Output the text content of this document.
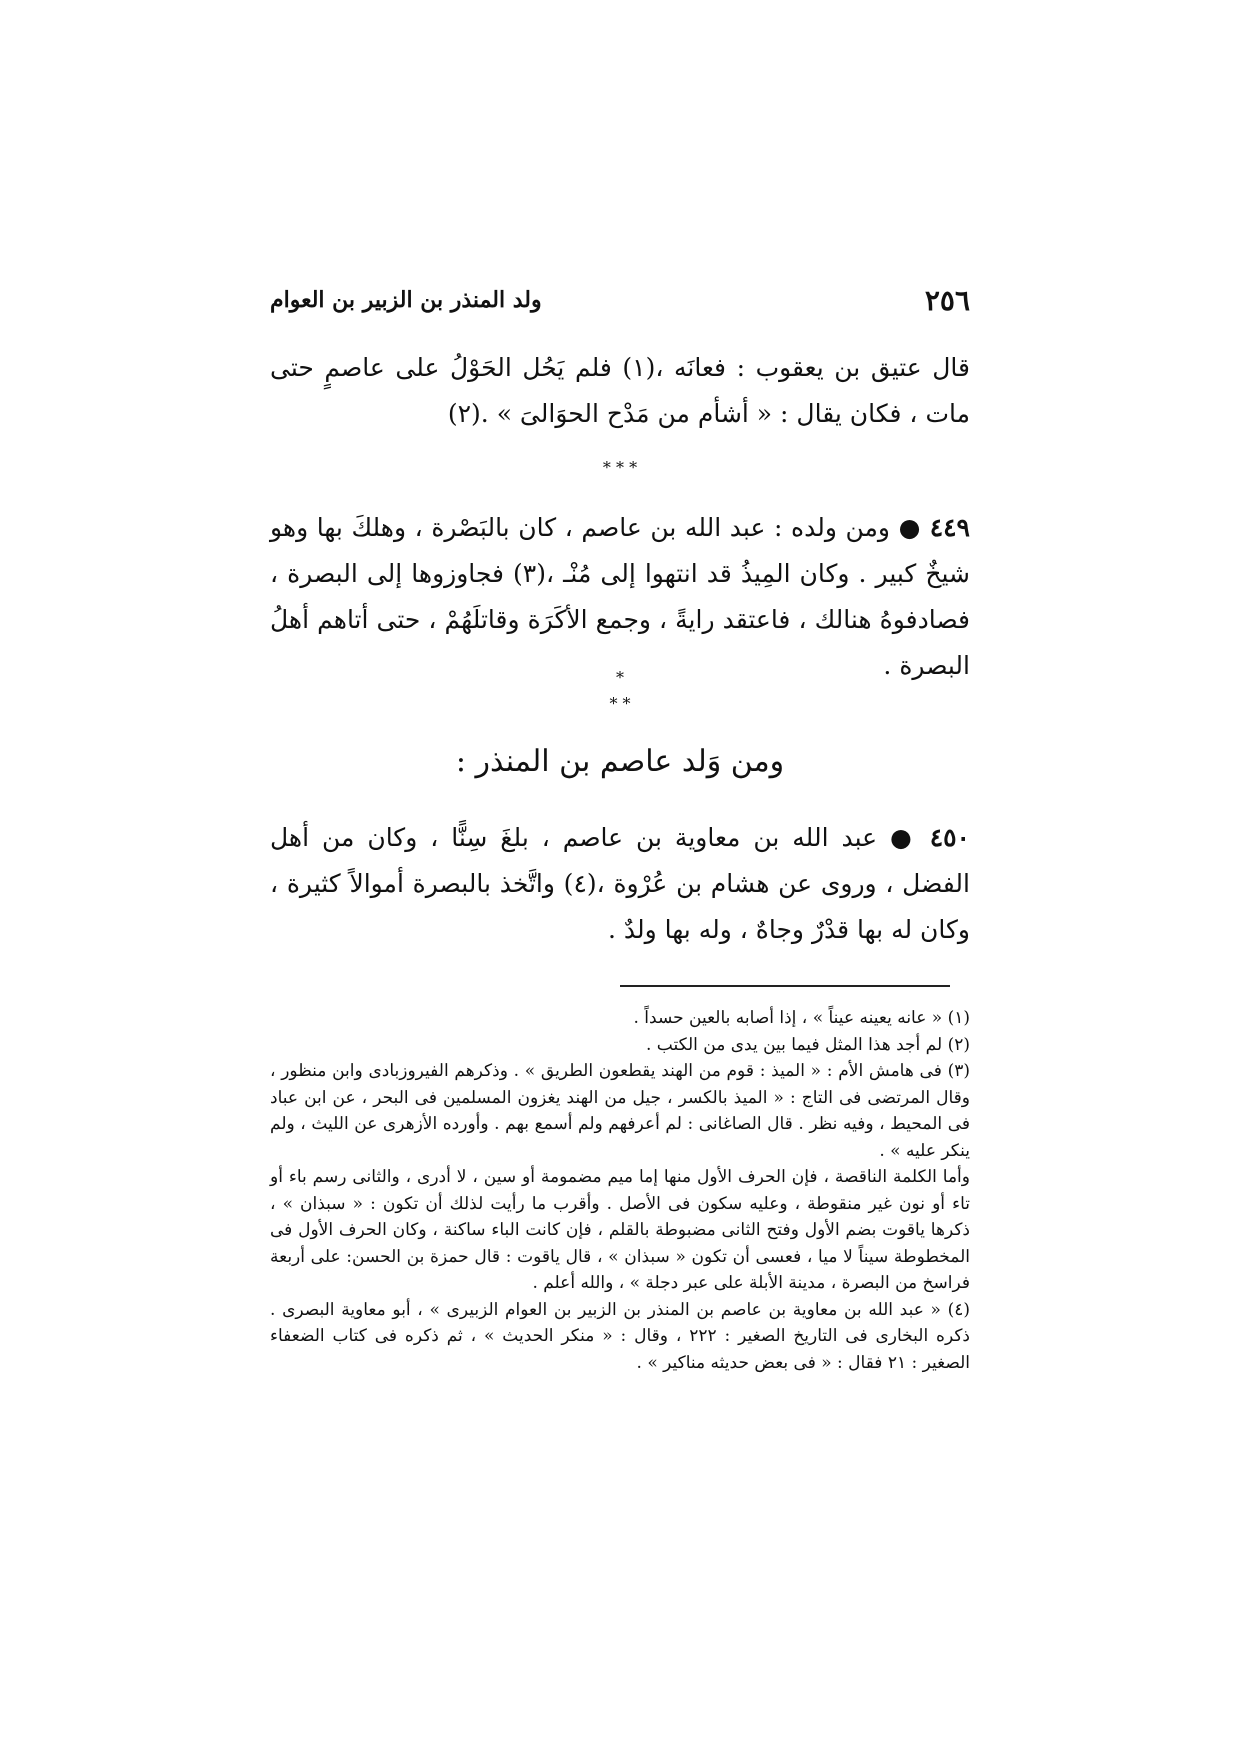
٢٥٦
ولد المنذر بن الزبير بن العوام
قال عتيق بن يعقوب : فعانَه ،(١) فلم يَحُل الحَوْلُ على عاصمٍ حتى مات ، فكان يقال : « أشأم من مَدْح الحوَالىَ » .(٢)
* * *
٤٤٩ ● ومن ولده : عبد الله بن عاصم ، كان بالبَصْرة ، وهلكَ بها وهو شيخٌ كبير . وكان المِيذُ قد انتهوا إلى مُنْـ ،(٣) فجاوزوها إلى البصرة ، فصادفوهُ هنالك ، فاعتقد رايةً ، وجمع الأكَرَة وقاتلَهُمْ ، حتى أتاهم أهلُ البصرة .
*
* *
ومن وَلد عاصم بن المنذر :
٤٥٠ ● عبد الله بن معاوية بن عاصم ، بلغَ سِنًّا ، وكان من أهل الفضل ، وروى عن هشام بن عُرْوة ،(٤) واتَّخذ بالبصرة أموالاً كثيرة ، وكان له بها قدْرٌ وجاهٌ ، وله بها ولدٌ .

(١) « عانه يعينه عيناً » ، إذا أصابه بالعين حسداً .

(٢) لم أجد هذا المثل فيما بين يدى من الكتب .

(٣) فى هامش الأم : « الميذ : قوم من الهند يقطعون الطريق » . وذكرهم الفيروزبادى وابن منظور ، وقال المرتضى فى التاج : « الميذ بالكسر ، جيل من الهند يغزون المسلمين فى البحر ، عن ابن عباد فى المحيط ، وفيه نظر . قال الصاغانى : لم أعرفهم ولم أسمع بهم . وأورده الأزهرى عن الليث ، ولم ينكر عليه » .

وأما الكلمة الناقصة ، فإن الحرف الأول منها إما ميم مضمومة أو سين ، لا أدرى ، والثانى رسم باء أو تاء أو نون غير منقوطة ، وعليه سكون فى الأصل . وأقرب ما رأيت لذلك أن تكون : « سبذان » ، ذكرها ياقوت بضم الأول وفتح الثانى مضبوطة بالقلم ، فإن كانت الباء ساكنة ، وكان الحرف الأول فى المخطوطة سيناً لا ميا ، فعسى أن تكون « سبذان » ، قال ياقوت : قال حمزة بن الحسن: على أربعة فراسخ من البصرة ، مدينة الأبلة على عبر دجلة » ، والله أعلم .

(٤) « عبد الله بن معاوية بن عاصم بن المنذر بن الزبير بن العوام الزبيرى » ، أبو معاوية البصرى . ذكره البخارى فى التاريخ الصغير : ٢٢٢ ، وقال : « منكر الحديث » ، ثم ذكره فى كتاب الضعفاء الصغير : ٢١ فقال : « فى بعض حديثه مناكير » .
